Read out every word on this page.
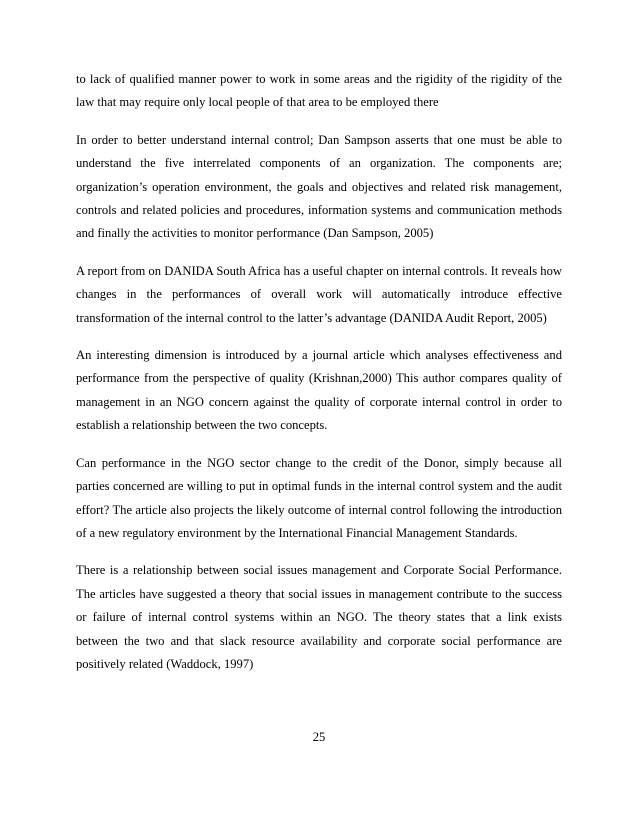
to lack of qualified manner power to work in some areas and the rigidity of the rigidity of the law that may require only local people of that area to be employed there

In order to better understand internal control; Dan Sampson asserts that one must be able to understand the five interrelated components of an organization. The components are; organization’s operation environment, the goals and objectives and related risk management, controls and related policies and procedures, information systems and communication methods and finally the activities to monitor performance (Dan Sampson, 2005)

A report from on DANIDA South Africa has a useful chapter on internal controls. It reveals how changes in the performances of overall work will automatically introduce effective transformation of the internal control to the latter’s advantage (DANIDA Audit Report, 2005)

An interesting dimension is introduced by a journal article which analyses effectiveness and performance from the perspective of quality (Krishnan,2000) This author compares quality of management in an NGO concern against the quality of corporate internal control in order to establish a relationship between the two concepts.

Can performance in the NGO sector change to the credit of the Donor, simply because all parties concerned are willing to put in optimal funds in the internal control system and the audit effort? The article also projects the likely outcome of internal control following the introduction of a new regulatory environment by the International Financial Management Standards.

There is a relationship between social issues management and Corporate Social Performance. The articles have suggested a theory that social issues in management contribute to the success or failure of internal control systems within an NGO. The theory states that a link exists between the two and that slack resource availability and corporate social performance are positively related (Waddock, 1997)

25
